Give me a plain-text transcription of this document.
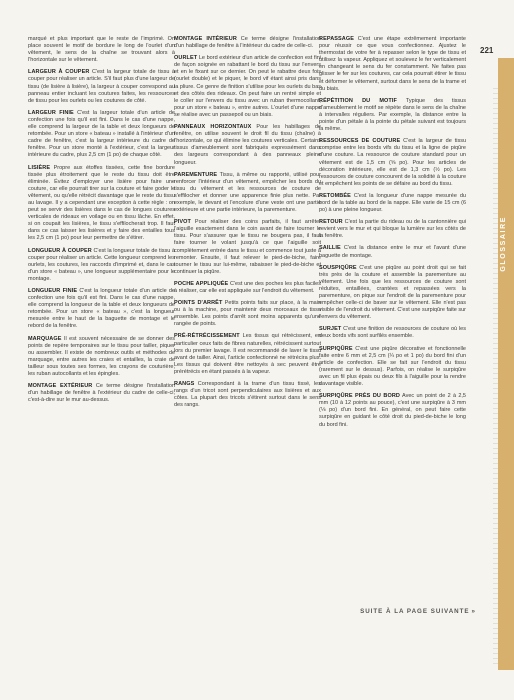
GLOSSAIRE
221

marqué et plus important que le reste de l'imprimé. On place souvent le motif de bordure le long de l'ourlet d'un vêtement, le sens de la chaîne se trouvant alors à l'horizontale sur le vêtement.

LARGEUR À COUPER C'est la largeur totale de tissu à couper pour réaliser un article. S'il faut plus d'une largeur de tissu (de lisière à lisière), la largeur à couper correspond au panneau entier incluant les coutures faites, les ressources de tissu pour les ourlets ou les coutures de côté.

LARGEUR FINIE C'est la largeur totale d'un article de confection une fois qu'il est fini. Dans le cas d'une nappe, elle comprend la largeur de la table et deux longueurs de retombée. Pour un store « bateau » installé à l'intérieur d'un cadre de fenêtre, c'est la largeur intérieure du cadre de fenêtre. Pour un store monté à l'extérieur, c'est la largeur intérieure du cadre, plus 2,5 cm (1 po) de chaque côté.

LISIÈRE Propre aux étoffes tissées, cette fine bordure tissée plus étroitement que le reste du tissu doit être éliminée. Évitez d'employer une lisière pour faire une couture, car elle pourrait tirer sur la couture et faire goder le vêtement, ou qu'elle rétrécit davantage que le reste du tissu au lavage. Il y a cependant une exception à cette règle : on peut se servir des lisières dans le cas de longues coutures verticales de rideaux en voilage ou en tissu lâche. En effet, si on coupait les lisières, le tissu s'effilocherait trop. Il faut dans ce cas laisser les lisières et y faire des entailles tous les 2,5 cm (1 po) pour leur permettre de s'étirer.

LONGUEUR À COUPER C'est la longueur totale de tissu à couper pour réaliser un article. Cette longueur comprend les ourlets, les coutures, les raccords d'imprimé et, dans le cas d'un store « bateau », une longueur supplémentaire pour le montage.

LONGUEUR FINIE C'est la longueur totale d'un article de confection une fois qu'il est fini. Dans le cas d'une nappe, elle comprend la longueur de la table et deux longueurs de retombée. Pour un store « bateau », c'est la longueur mesurée entre le haut de la baguette de montage et le rebord de la fenêtre.

MARQUAGE Il est souvent nécessaire de se donner des points de repère temporaires sur le tissu pour tailler, piquer ou assembler. Il existe de nombreux outils et méthodes de marquage, entre autres les craies et entailles, la craie de tailleur sous toutes ses formes, les crayons de couturière, les ruban autocollants et les épingles.

MONTAGE EXTÉRIEUR Ce terme désigne l'installation d'un habillage de fenêtre à l'extérieur du cadre de celle-ci, c'est-à-dire sur le mur au-dessus.

MONTAGE INTÉRIEUR Ce terme désigne l'installation d'un habillage de fenêtre à l'intérieur du cadre de celle-ci.

OURLET Le bord extérieur d'un article de confection est fini de façon soignée en rabattant le bord du tissu sur l'envers et en le fixant sur ce dernier. On peut le rabattre deux fois (ourlet double) et le piquer, le bord vif étant ainsi pris dans la pliure. Ce genre de finition s'utilise pour les ourlets du bas et des côtés des rideaux. On peut faire un rentré simple et le coller sur l'envers du tissu avec un ruban thermocollant, pour un store « bateau », entre autres. L'ourlet d'une nappe se réalise avec un passepoil ou un biais.

PANNEAUX HORIZONTAUX Pour les habillages de fenêtre, on utilise souvent le droit fil du tissu (chaîne) à l'horizontale, ce qui élimine les coutures verticales. Certains tissus d'ameublement sont fabriqués expressément dans des largeurs correspondant à des panneaux pleine longueur.

PAREMENTURE Tissu, à même ou rapporté, utilisé pour renforcer l'intérieur d'un vêtement, empêcher les bords du tissu du vêtement et les ressources de couture de s'effilocher et donner une apparence finie plus nette. Par exemple, le devant et l'encolure d'une veste ont une partie extérieure et une partie intérieure, la parementure.

PIVOT Pour réaliser des coins parfaits, il faut arrêter l'aiguille exactement dans le coin avant de faire tourner le tissu. Pour s'assurer que le tissu ne bougera pas, il faut faire tourner le volant jusqu'à ce que l'aiguille soit complètement entrée dans le tissu et commence tout juste à remonter. Ensuite, il faut relever le pied-de-biche, faire tourner le tissu sur lui-même, rabaisser le pied-de-biche et continuer la piqûre.

POCHE APPLIQUÉE C'est une des poches les plus faciles à réaliser, car elle est appliquée sur l'endroit du vêtement.

POINTS D'ARRÊT Petits points faits sur place, à la main ou à la machine, pour maintenir deux morceaux de tissu ensemble. Les points d'arrêt sont moins apparents qu'une rangée de points.

PRÉ-RÉTRÉCISSEMENT Les tissus qui rétrécissent, en particulier ceux faits de fibres naturelles, rétrécissent surtout lors du premier lavage. Il est recommandé de laver le tissu avant de tailler. Ainsi, l'article confectionné ne rétrécira plus. Les tissus qui doivent être nettoyés à sec peuvent être prérétrécis en étant passés à la vapeur.

RANGS Correspondant à la trame d'un tissu tissé, les rangs d'un tricot sont perpendiculaires aux lisières et aux côtes. La plupart des tricots s'étirent surtout dans le sens des rangs.

REPASSAGE C'est une étape extrêmement importante pour réussir ce que vous confectionnez. Ajustez le thermostat de votre fer à repasser selon le type de tissu et utilisez la vapeur. Appliquez et soulevez le fer verticalement en changeant le sens du fer constamment. Ne faites pas glisser le fer sur les coutures, car cela pourrait étirer le tissu et déformer le vêtement, surtout dans le sens de la trame et du biais.

RÉPÉTITION DU MOTIF Typique des tissus d'ameublement le motif se répète dans le sens de la chaîne à intervalles réguliers. Par exemple, la distance entre la pointe d'un pétale à la pointe du pétale suivant est toujours la même.

RESSOURCES DE COUTURE C'est la largeur de tissu comprise entre les bords vifs du tissu et la ligne de piqûre d'une couture. La ressource de couture standard pour un vêtement est de 1,5 cm (⅝ po). Pour les articles de décoration intérieure, elle est de 1,3 cm (½ po). Les ressources de couture concourent de la solidité à la couture et empêchent les points de se défaire au bord du tissu.

RETOMBÉE C'est la longueur d'une nappe mesurée du bord de la table au bord de la nappe. Elle varie de 15 cm (6 po) à une pleine longueur.

RETOUR C'est la partie du rideau ou de la cantonnière qui revient vers le mur et qui bloque la lumière sur les côtés de la fenêtre.

SAILLIE C'est la distance entre le mur et l'avant d'une baguette de montage.

SOUSPIQÛRE C'est une piqûre au point droit qui se fait très près de la couture et assemble la parementure au vêtement. Une fois que les ressources de couture sont réduites, entaillées, crantées et repassées vers la parementure, on pique sur l'endroit de la parementure pour empêcher celle-ci de baver sur le vêtement. Elle n'est pas visible de l'endroit du vêtement. C'est une surpiqûre faite sur l'envers du vêtement.

SURJET C'est une finition de ressources de couture où les deux bords vifs sont surfilés ensemble.

SURPIQÛRE C'est une piqûre décorative et fonctionnelle faite entre 6 mm et 2,5 cm (¼ po et 1 po) du bord fini d'un article de confection. Elle se fait sur l'endroit du tissu (rarement sur le dessus). Parfois, on réalise le surpiqûre avec un fil plus épais ou deux fils à l'aiguille pour la rendre davantage visible.

SURPIQÛRE PRÈS DU BORD Avec un point de 2 à 2,5 mm (10 à 12 points au pouce), c'est une surpiqûre à 3 mm (⅛ po) d'un bord fini. En général, on peut faire cette surpiqûre en guidant le côté droit du pied-de-biche le long du bord fini.

SUITE À LA PAGE SUIVANTE »
